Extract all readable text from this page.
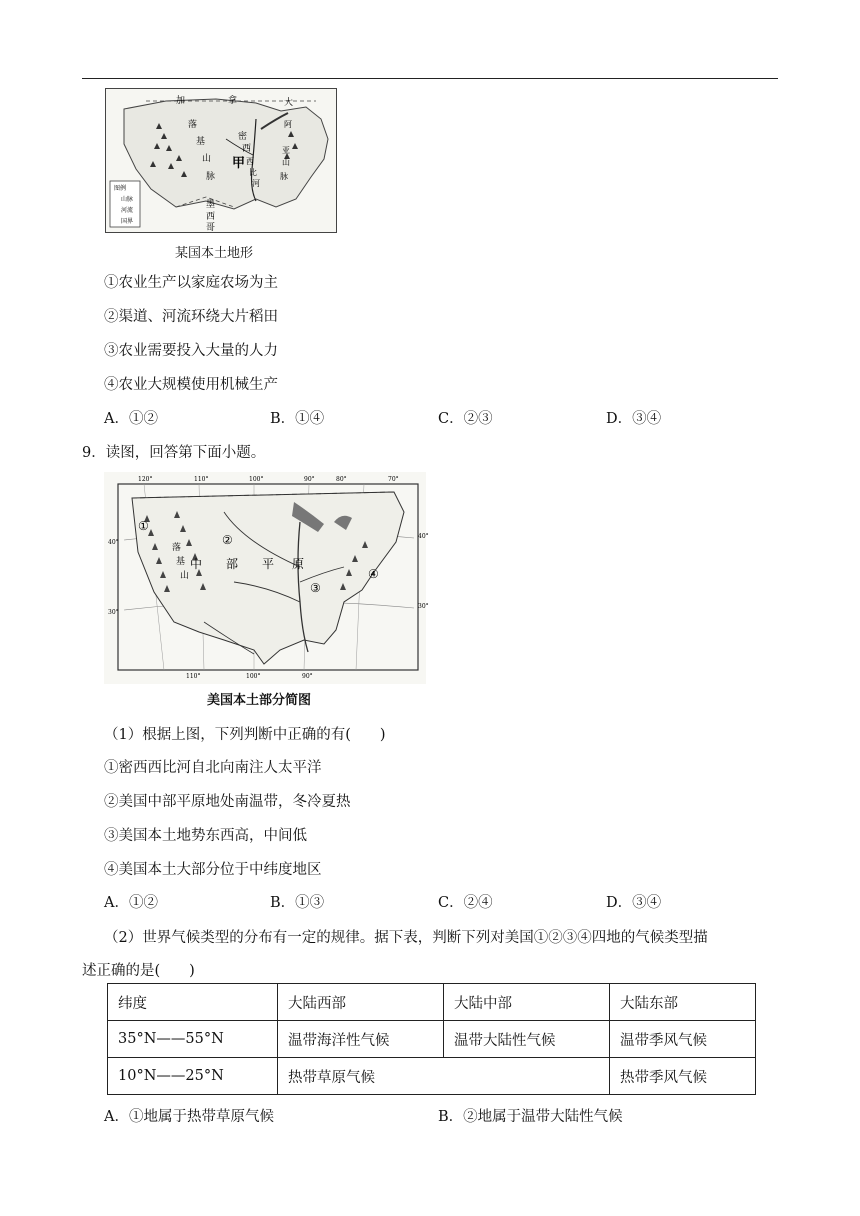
图例
山脉
河流
国界
加	拿	大
落
基
山
脉
密
西
西
比
河
甲
阿
亚
山
脉
墨
西
哥
某国本土地形
①农业生产以家庭农场为主
②渠道、河流环绕大片稻田
③农业需要投入大量的人力
④农业大规模使用机械生产
A．①②	B．①④	C．②③	D．③④
9．读图，回答第下面小题。
120°	110°	100°	90°	80°	70°
110°	100°	90°
40°
30°
40°
30°
中 部 平 原
落
基
山
①
②
③
④
美国本土部分简图
（1）根据上图，下列判断中正确的有(　　)
①密西西比河自北向南注人太平洋
②美国中部平原地处南温带，冬冷夏热
③美国本土地势东西高，中间低
④美国本土大部分位于中纬度地区
A．①②	B．①③	C．②④	D．③④
（2）世界气候类型的分布有一定的规律。据下表，判断下列对美国①②③④四地的气候类型描
述正确的是(　　)
纬度	大陆西部	大陆中部	大陆东部
35°N——55°N	温带海洋性气候	温带大陆性气候	温带季风气候
10°N——25°N	热带草原气候		热带季风气候
A．①地属于热带草原气候	B．②地属于温带大陆性气候
